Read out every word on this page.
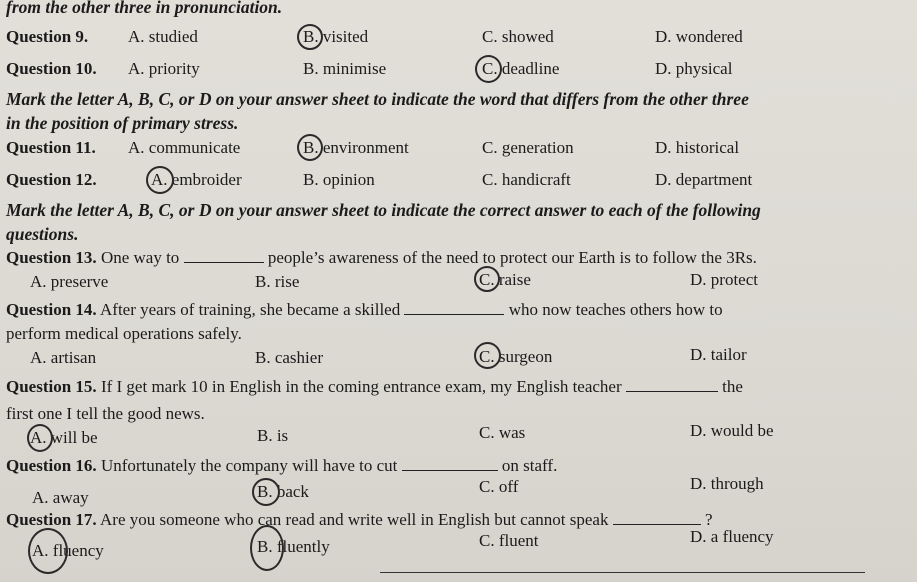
from the other three in pronunciation.
Question 9. A. studied	B. visited	C. showed	D. wondered
Question 10. A. priority	B. minimise	C. deadline	D. physical
Mark the letter A, B, C, or D on your answer sheet to indicate the word that differs from the other three
in the position of primary stress.
Question 11. A. communicate	B. environment	C. generation	D. historical
Question 12.	A. embroider	B. opinion	C. handicraft	D. department
Mark the letter A, B, C, or D on your answer sheet to indicate the correct answer to each of the following
questions.
Question 13. One way to	people’s awareness of the need to protect our Earth is to follow the 3Rs.
A. preserve	B. rise	C. raise	D. protect
Question 14. After years of training, she became a skilled	who now teaches others how to
perform medical operations safely.
A. artisan	B. cashier	C. surgeon	D. tailor
Question 15. If I get mark 10 in English in the coming entrance exam, my English teacher	the
first one I tell the good news.
A. will be	B. is	C. was	D. would be
Question 16. Unfortunately the company will have to cut	on staff.
A. away	B. back	C. off	D. through
Question 17. Are you someone who can read and write well in English but cannot speak	?
A. fluency	B. fluently	C. fluent	D. a fluency
